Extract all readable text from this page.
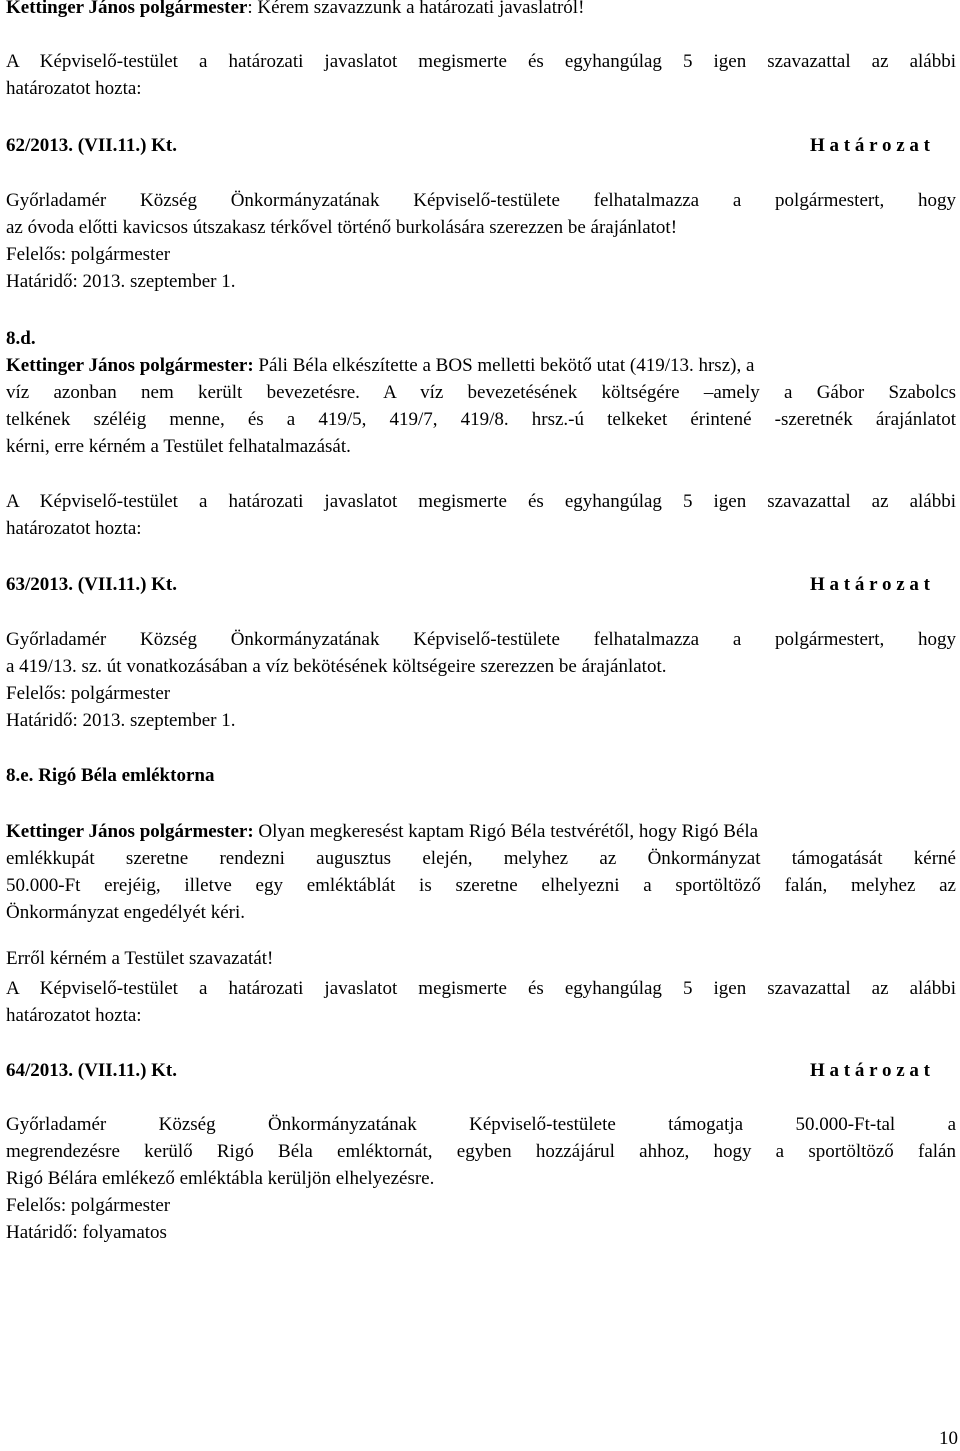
Kettinger János polgármester: Kérem szavazzunk a határozati javaslatról!
A Képviselő-testület a határozati javaslatot megismerte és egyhangúlag 5 igen szavazattal az alábbi
határozatot hozta:
62/2013. (VII.11.) Kt.	H a t á r o z a t
Győrladamér Község Önkormányzatának Képviselő-testülete felhatalmazza a polgármestert, hogy
az óvoda előtti kavicsos útszakasz térkővel történő burkolására szerezzen be árajánlatot!
Felelős: polgármester
Határidő: 2013. szeptember 1.
8.d.
Kettinger János polgármester: Páli Béla elkészítette a BOS melletti bekötő utat (419/13. hrsz), a
víz azonban nem került bevezetésre. A víz bevezetésének költségére –amely a Gábor Szabolcs
telkének széléig menne, és a 419/5, 419/7, 419/8. hrsz.-ú telkeket érintené -szeretnék árajánlatot
kérni, erre kérném a Testület felhatalmazását.
A Képviselő-testület a határozati javaslatot megismerte és egyhangúlag 5 igen szavazattal az alábbi
határozatot hozta:
63/2013. (VII.11.) Kt.	H a t á r o z a t
Győrladamér Község Önkormányzatának Képviselő-testülete felhatalmazza a polgármestert, hogy
a 419/13. sz. út vonatkozásában a víz bekötésének költségeire szerezzen be árajánlatot.
Felelős: polgármester
Határidő: 2013. szeptember 1.
8.e. Rigó Béla emléktorna
Kettinger János polgármester: Olyan megkeresést kaptam Rigó Béla testvérétől, hogy Rigó Béla
emlékkupát szeretne rendezni augusztus elején, melyhez az Önkormányzat támogatását kérné
50.000-Ft erejéig, illetve egy emléktáblát is szeretne elhelyezni a sportöltöző falán, melyhez az
Önkormányzat engedélyét kéri.
Erről kérném a Testület szavazatát!
A Képviselő-testület a határozati javaslatot megismerte és egyhangúlag 5 igen szavazattal az alábbi
határozatot hozta:
64/2013. (VII.11.) Kt.	H a t á r o z a t
Győrladamér Község Önkormányzatának Képviselő-testülete támogatja 50.000-Ft-tal a
megrendezésre kerülő Rigó Béla emléktornát, egyben hozzájárul ahhoz, hogy a sportöltöző falán
Rigó Bélára emlékező emléktábla kerüljön elhelyezésre.
Felelős: polgármester
Határidő: folyamatos
10
